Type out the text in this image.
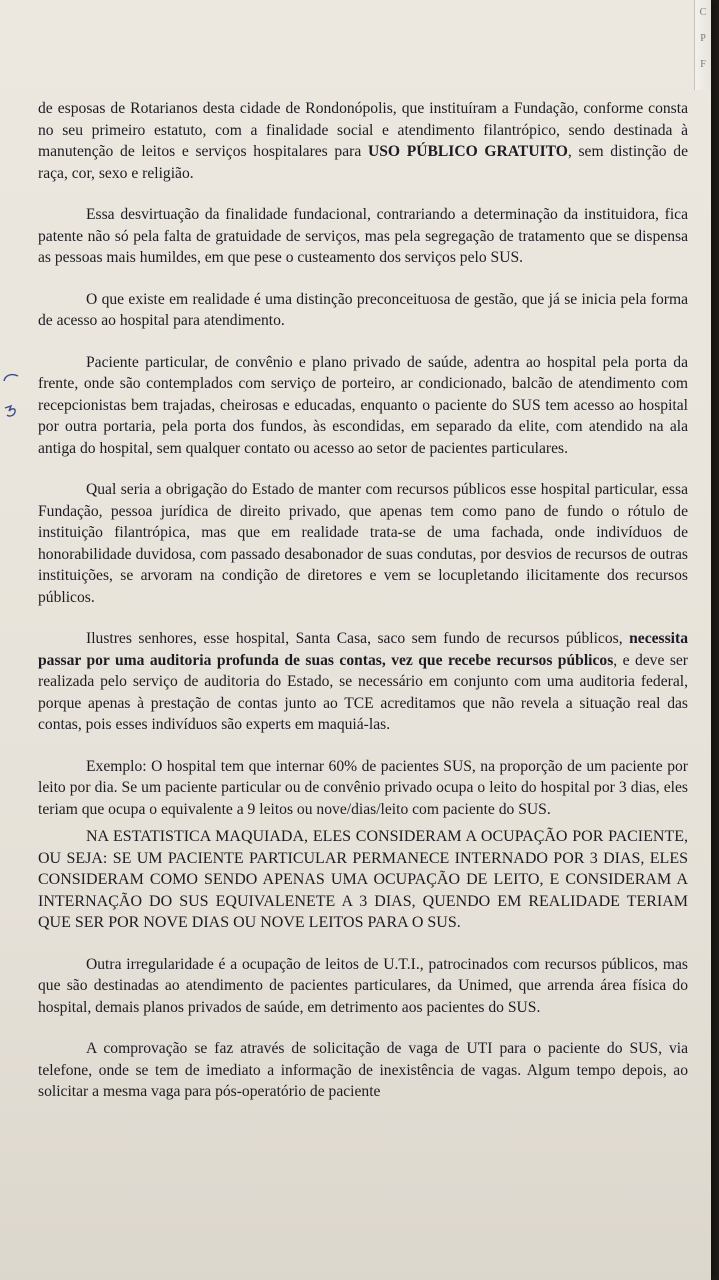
C
P
F

de esposas de Rotarianos desta cidade de Rondonópolis, que instituíram a Fundação, conforme consta no seu primeiro estatuto, com a finalidade social e atendimento filantrópico, sendo destinada à manutenção de leitos e serviços hospitalares para USO PÚBLICO GRATUITO, sem distinção de raça, cor, sexo e religião.

Essa desvirtuação da finalidade fundacional, contrariando a determinação da instituidora, fica patente não só pela falta de gratuidade de serviços, mas pela segregação de tratamento que se dispensa as pessoas mais humildes, em que pese o custeamento dos serviços pelo SUS.

O que existe em realidade é uma distinção preconceituosa de gestão, que já se inicia pela forma de acesso ao hospital para atendimento.

Paciente particular, de convênio e plano privado de saúde, adentra ao hospital pela porta da frente, onde são contemplados com serviço de porteiro, ar condicionado, balcão de atendimento com recepcionistas bem trajadas, cheirosas e educadas, enquanto o paciente do SUS tem acesso ao hospital por outra portaria, pela porta dos fundos, às escondidas, em separado da elite, com atendido na ala antiga do hospital, sem qualquer contato ou acesso ao setor de pacientes particulares.

Qual seria a obrigação do Estado de manter com recursos públicos esse hospital particular, essa Fundação, pessoa jurídica de direito privado, que apenas tem como pano de fundo o rótulo de instituição filantrópica, mas que em realidade trata-se de uma fachada, onde indivíduos de honorabilidade duvidosa, com passado desabonador de suas condutas, por desvios de recursos de outras instituições, se arvoram na condição de diretores e vem se locupletando ilicitamente dos recursos públicos.

Ilustres senhores, esse hospital, Santa Casa, saco sem fundo de recursos públicos, necessita passar por uma auditoria profunda de suas contas, vez que recebe recursos públicos, e deve ser realizada pelo serviço de auditoria do Estado, se necessário em conjunto com uma auditoria federal, porque apenas à prestação de contas junto ao TCE acreditamos que não revela a situação real das contas, pois esses indivíduos são experts em maquiá-las.

Exemplo: O hospital tem que internar 60% de pacientes SUS, na proporção de um paciente por leito por dia. Se um paciente particular ou de convênio privado ocupa o leito do hospital por 3 dias, eles teriam que ocupa o equivalente a 9 leitos ou nove/dias/leito com paciente do SUS.

NA ESTATISTICA MAQUIADA, ELES CONSIDERAM A OCUPAÇÃO POR PACIENTE, OU SEJA: SE UM PACIENTE PARTICULAR PERMANECE INTERNADO POR 3 DIAS, ELES CONSIDERAM COMO SENDO APENAS UMA OCUPAÇÃO DE LEITO, E CONSIDERAM A INTERNAÇÃO DO SUS EQUIVALENETE A 3 DIAS, QUENDO EM REALIDADE TERIAM QUE SER POR NOVE DIAS OU NOVE LEITOS PARA O SUS.

Outra irregularidade é a ocupação de leitos de U.T.I., patrocinados com recursos públicos, mas que são destinadas ao atendimento de pacientes particulares, da Unimed, que arrenda área física do hospital, demais planos privados de saúde, em detrimento aos pacientes do SUS.

A comprovação se faz através de solicitação de vaga de UTI para o paciente do SUS, via telefone, onde se tem de imediato a informação de inexistência de vagas. Algum tempo depois, ao solicitar a mesma vaga para pós-operatório de paciente
